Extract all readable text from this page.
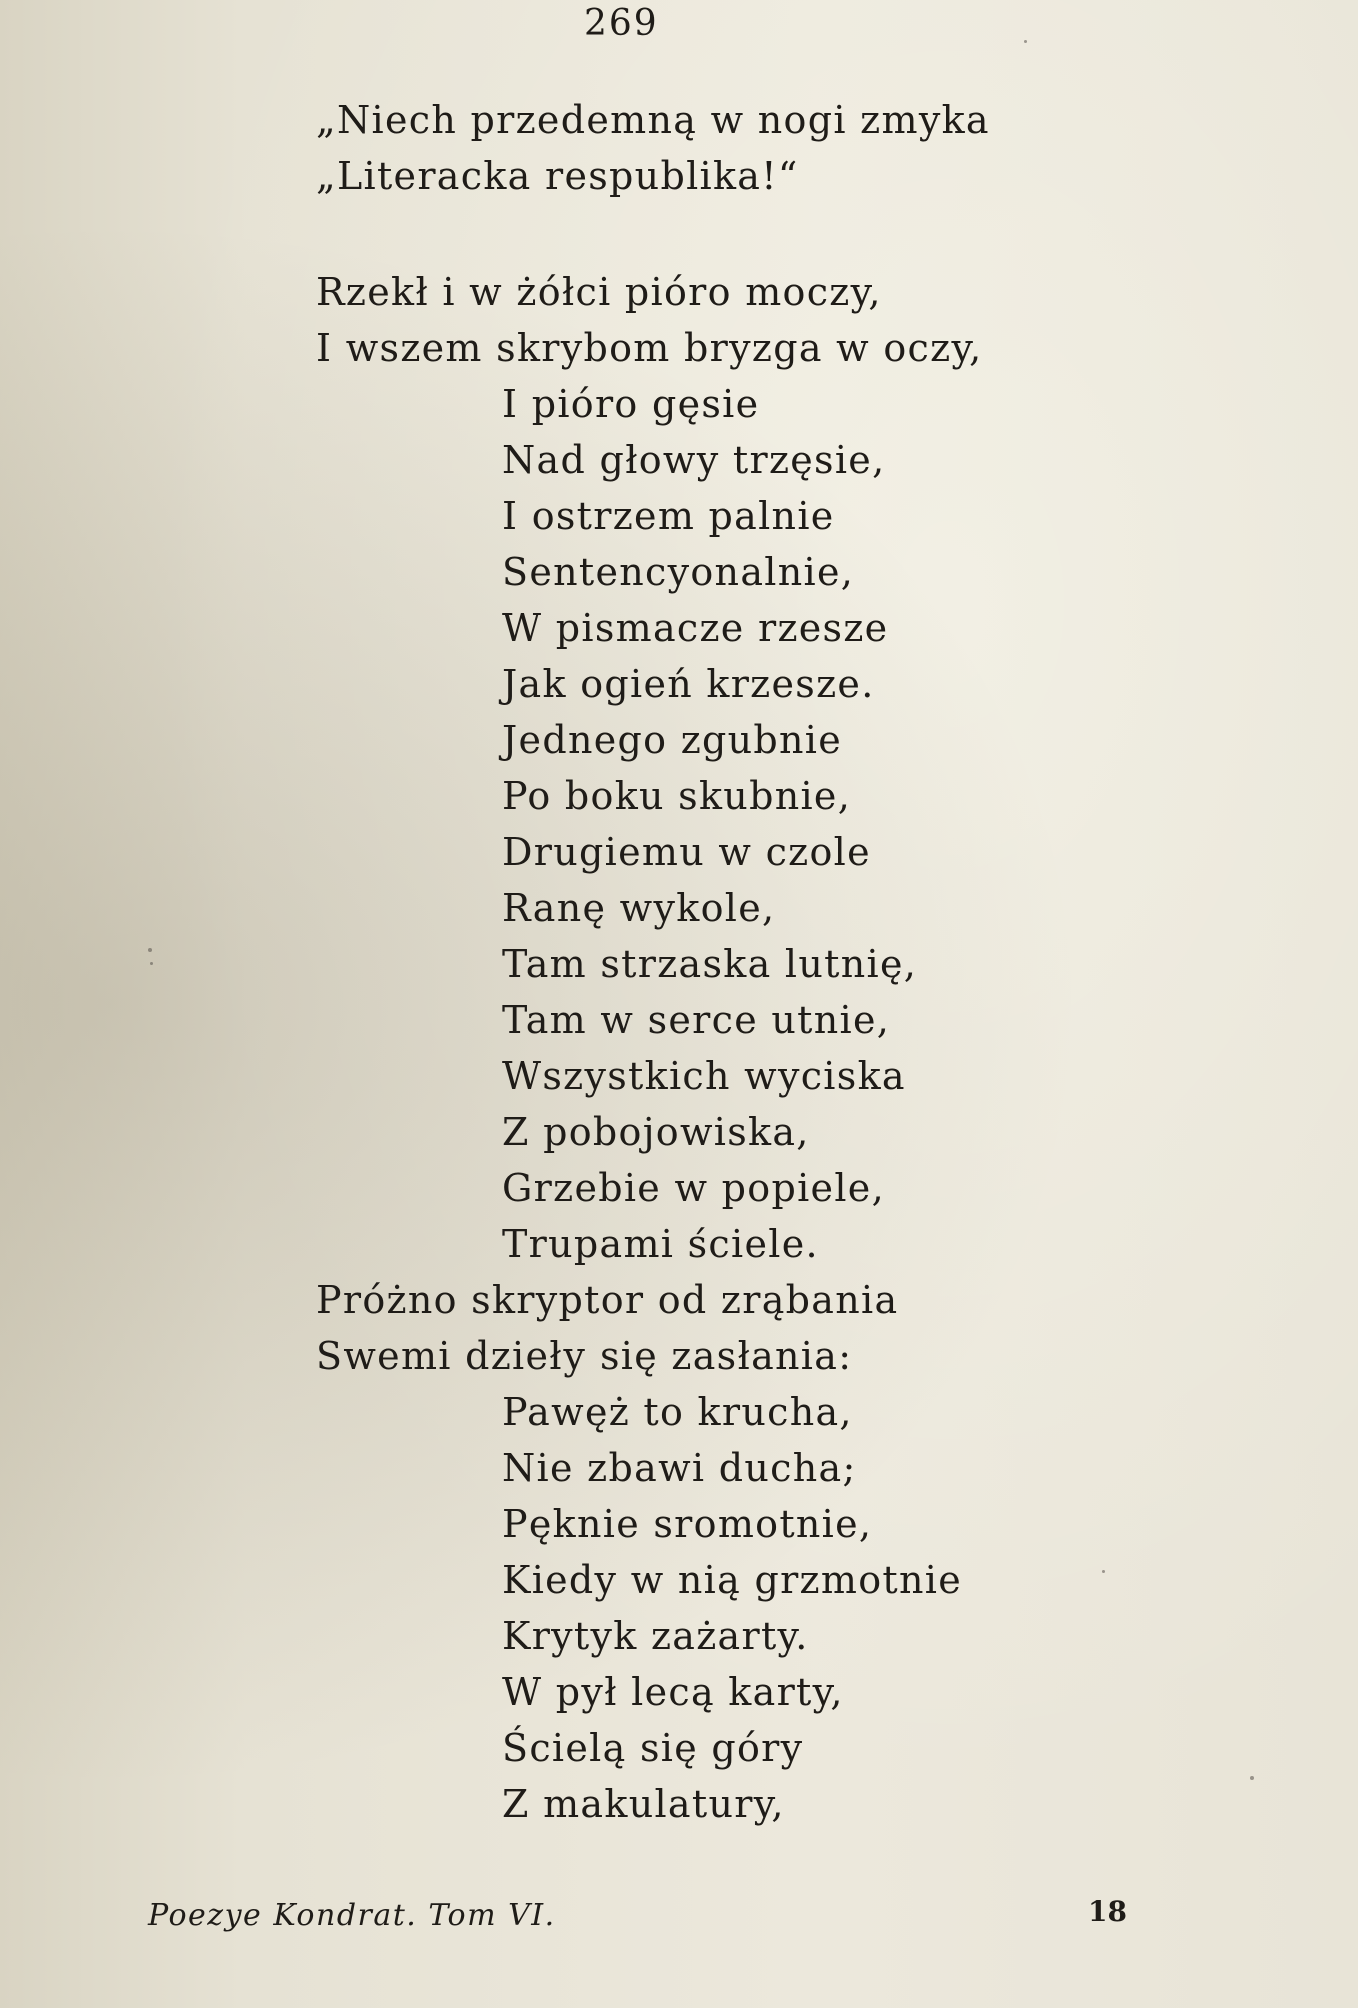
269
„Niech przedemną w nogi zmyka
„Literacka respublika!“
Rzekł i w żółci pióro moczy,
I wszem skrybom bryzga w oczy,
I pióro gęsie
Nad głowy trzęsie,
I ostrzem palnie
Sentencyonalnie,
W pismacze rzesze
Jak ogień krzesze.
Jednego zgubnie
Po boku skubnie,
Drugiemu w czole
Ranę wykole,
Tam strzaska lutnię,
Tam w serce utnie,
Wszystkich wyciska
Z pobojowiska,
Grzebie w popiele,
Trupami ściele.
Próżno skryptor od zrąbania
Swemi dziełу się zasłania:
Pawęż to krucha,
Nie zbawi ducha;
Pęknie sromotnie,
Kiedy w nią grzmotnie
Krytyk zażarty.
W pył lecą karty,
Ścielą się góry
Z makulatury,
Poezye Kondrat. Tom VI.	18
